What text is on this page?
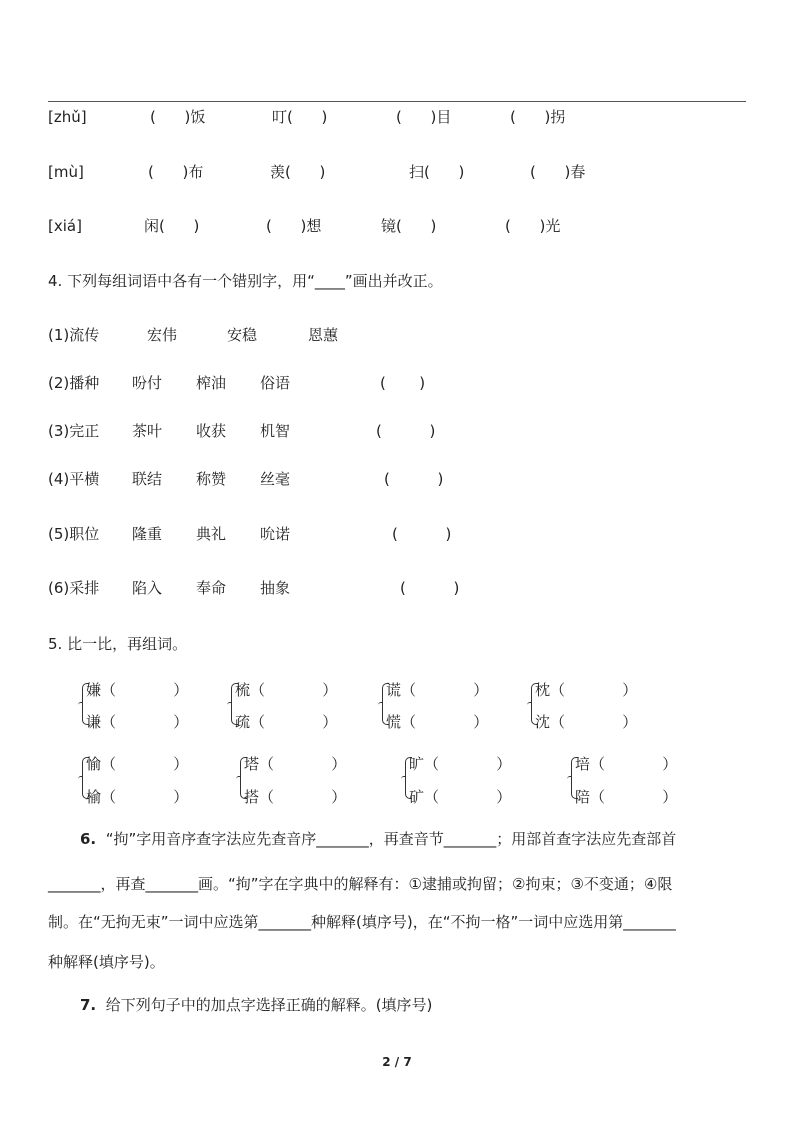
[zhǔ]	(      )饭	叮(      )	(      )目	(      )拐
[mù]	(      )布	羡(      )	扫(      )	(      )春
[xiá]	闲(      )	(      )想	镜(      )	(      )光
4. 下列每组词语中各有一个错别字，用“____”画出并改正。
(1)流传	宏伟	安稳	恩蕙
(2)播种 吩付 榨油 俗语	(       )
(3)完正 茶叶 收获 机智	(          )
(4)平横 联结 称赞 丝毫	(          )
(5)职位 隆重 典礼 吮诺	(          )
(6)采排 陷入 奉命 抽象	(          )
5. 比一比，再组词。
嫌（            ）
谦（            ）
梳（            ）
疏（            ）
谎（            ）
慌（            ）
枕（            ）
沈（            ）
愉（            ）
榆（            ）
塔（            ）
搭（            ）
旷（            ）
矿（            ）
培（            ）
陪（            ）
6. “拘”字用音序查字法应先查音序_______，再查音节_______；用部首查字法应先查部首
_______，再查_______画。“拘”字在字典中的解释有：①逮捕或拘留；②拘束；③不变通；④限
制。在“无拘无束”一词中应选第_______种解释(填序号)，在“不拘一格”一词中应选用第_______
种解释(填序号)。
7. 给下列句子中的加点字选择正确的解释。(填序号)
2 / 7
